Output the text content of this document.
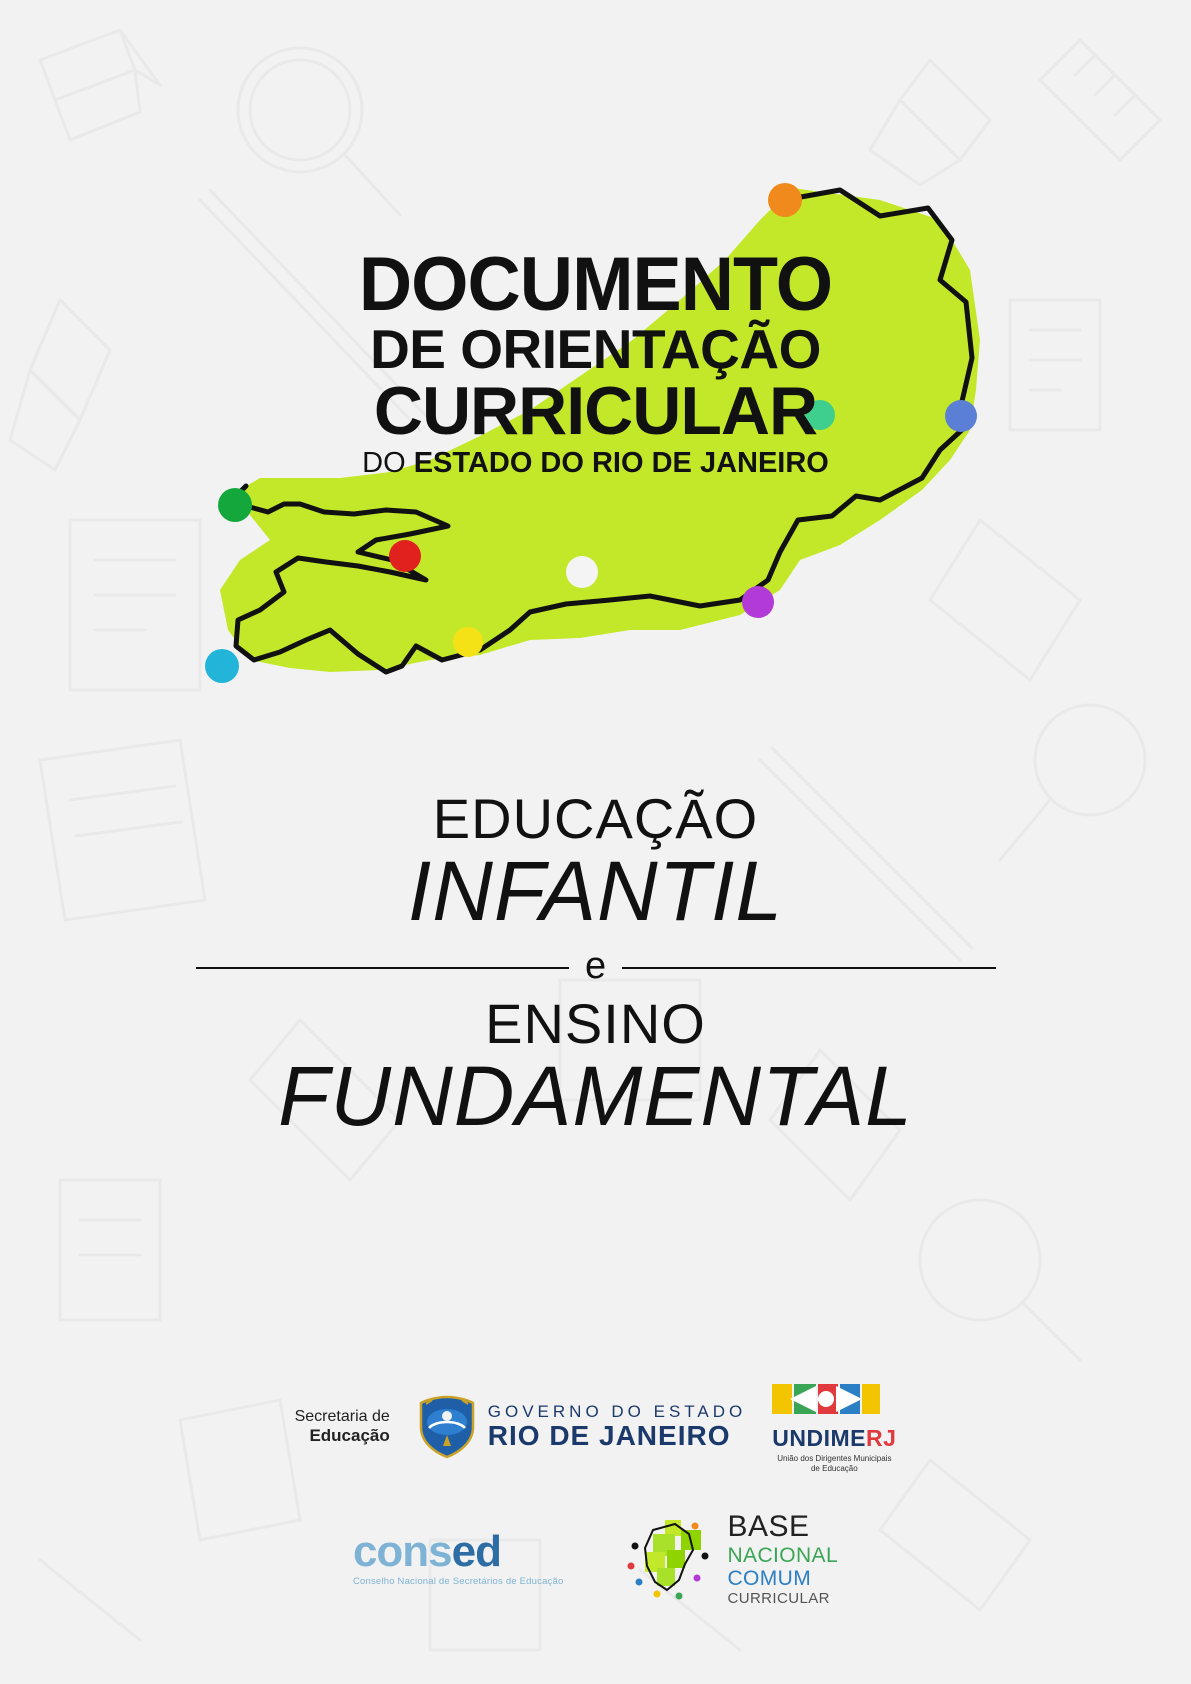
DOCUMENTO
DE ORIENTAÇÃO
CURRICULAR
DO ESTADO DO RIO DE JANEIRO
EDUCAÇÃO
INFANTIL
e
ENSINO
FUNDAMENTAL
Secretaria de
Educação
GOVERNO DO ESTADO
RIO DE JANEIRO	UNDIMERJ
União dos Dirigentes Municipais
de Educação
consed
Conselho Nacional de Secretários de Educação
BASE
NACIONAL
COMUM
CURRICULAR
